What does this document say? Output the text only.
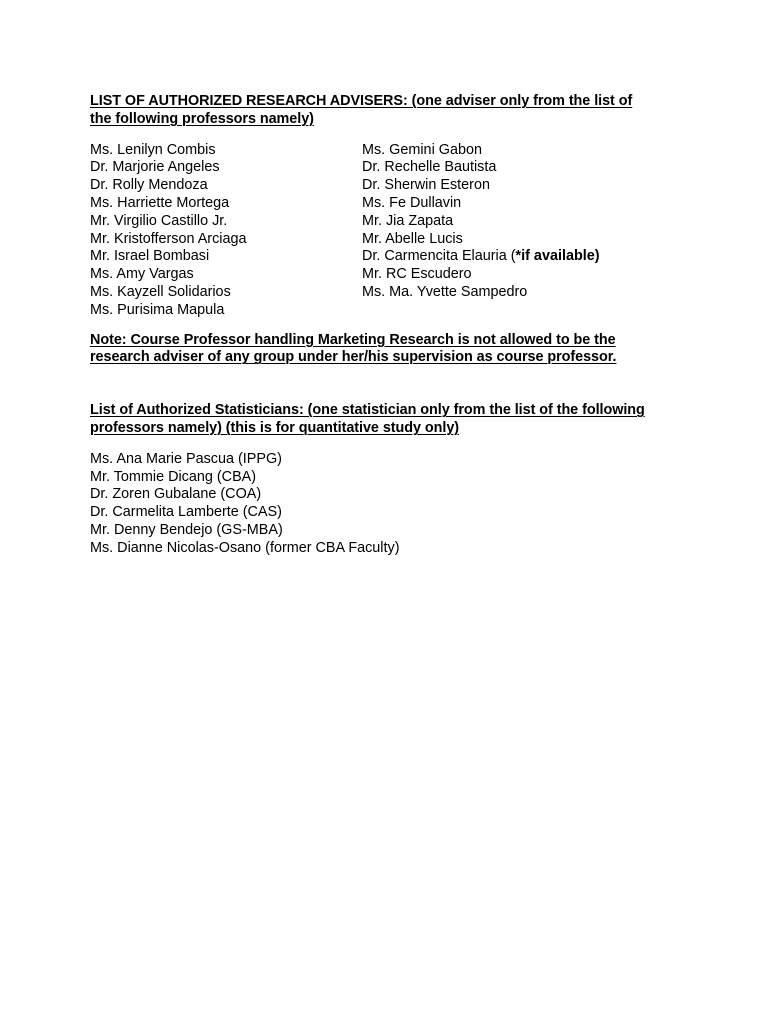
LIST OF AUTHORIZED RESEARCH ADVISERS: (one adviser only from the list of
the following professors namely)
Ms. Lenilyn Combis
Dr. Marjorie Angeles
Dr. Rolly Mendoza
Ms. Harriette Mortega
Mr. Virgilio Castillo Jr.
Mr. Kristofferson Arciaga
Mr. Israel Bombasi
Ms. Amy Vargas
Ms. Kayzell Solidarios
Ms. Purisima Mapula
Ms. Gemini Gabon
Dr. Rechelle Bautista
Dr. Sherwin Esteron
Ms. Fe Dullavin
Mr. Jia Zapata
Mr. Abelle Lucis
Dr. Carmencita Elauria (*if available)
Mr. RC Escudero
Ms. Ma. Yvette Sampedro
Note: Course Professor handling Marketing Research is not allowed to be the
research adviser of any group under her/his supervision as course professor.
List of Authorized Statisticians: (one statistician only from the list of the following
professors namely) (this is for quantitative study only)
Ms. Ana Marie Pascua (IPPG)
Mr. Tommie Dicang (CBA)
Dr. Zoren Gubalane (COA)
Dr. Carmelita Lamberte (CAS)
Mr. Denny Bendejo (GS-MBA)
Ms. Dianne Nicolas-Osano (former CBA Faculty)
